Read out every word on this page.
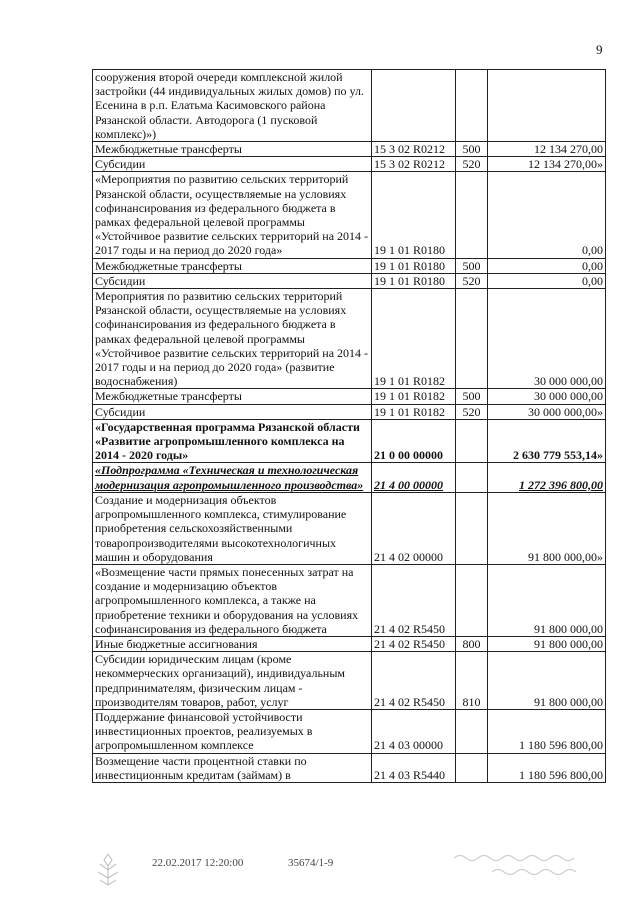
9
сооружения второй очереди комплексной жилой застройки (44 индивидуальных жилых домов) по ул. Есенина в р.п. Елатьма Касимовского района Рязанской области. Автодорога (1 пусковой комплекс)»)			
Межбюджетные трансферты	15 3 02 R0212	500	12 134 270,00
Субсидии	15 3 02 R0212	520	12 134 270,00»
«Мероприятия по развитию сельских территорий Рязанской области, осуществляемые на условиях софинансирования из федерального бюджета в рамках федеральной целевой программы «Устойчивое развитие сельских территорий на 2014 - 2017 годы и на период до 2020 года»	19 1 01 R0180		0,00
Межбюджетные трансферты	19 1 01 R0180	500	0,00
Субсидии	19 1 01 R0180	520	0,00
Мероприятия по развитию сельских территорий Рязанской области, осуществляемые на условиях софинансирования из федерального бюджета в рамках федеральной целевой программы «Устойчивое развитие сельских территорий на 2014 - 2017 годы и на период до 2020 года» (развитие водоснабжения)	19 1 01 R0182		30 000 000,00
Межбюджетные трансферты	19 1 01 R0182	500	30 000 000,00
Субсидии	19 1 01 R0182	520	30 000 000,00»
«Государственная программа Рязанской области «Развитие агропромышленного комплекса на 2014 - 2020 годы»	21 0 00 00000		2 630 779 553,14»
«Подпрограмма «Техническая и технологическая модернизация агропромышленного производства»	21 4 00 00000		1 272 396 800,00
Создание и модернизация объектов агропромышленного комплекса, стимулирование приобретения сельскохозяйственными товаропроизводителями высокотехнологичных машин и оборудования	21 4 02 00000		91 800 000,00»
«Возмещение части прямых понесенных затрат на создание и модернизацию объектов агропромышленного комплекса, а также на приобретение техники и оборудования на условиях софинансирования из федерального бюджета	21 4 02 R5450		91 800 000,00
Иные бюджетные ассигнования	21 4 02 R5450	800	91 800 000,00
Субсидии юридическим лицам (кроме некоммерческих организаций), индивидуальным предпринимателям, физическим лицам - производителям товаров, работ, услуг	21 4 02 R5450	810	91 800 000,00
Поддержание финансовой устойчивости инвестиционных проектов, реализуемых в агропромышленном комплексе	21 4 03 00000		1 180 596 800,00
Возмещение части процентной ставки по инвестиционным кредитам (займам) в	21 4 03 R5440		1 180 596 800,00
22.02.2017 12:20:00	35674/1-9
